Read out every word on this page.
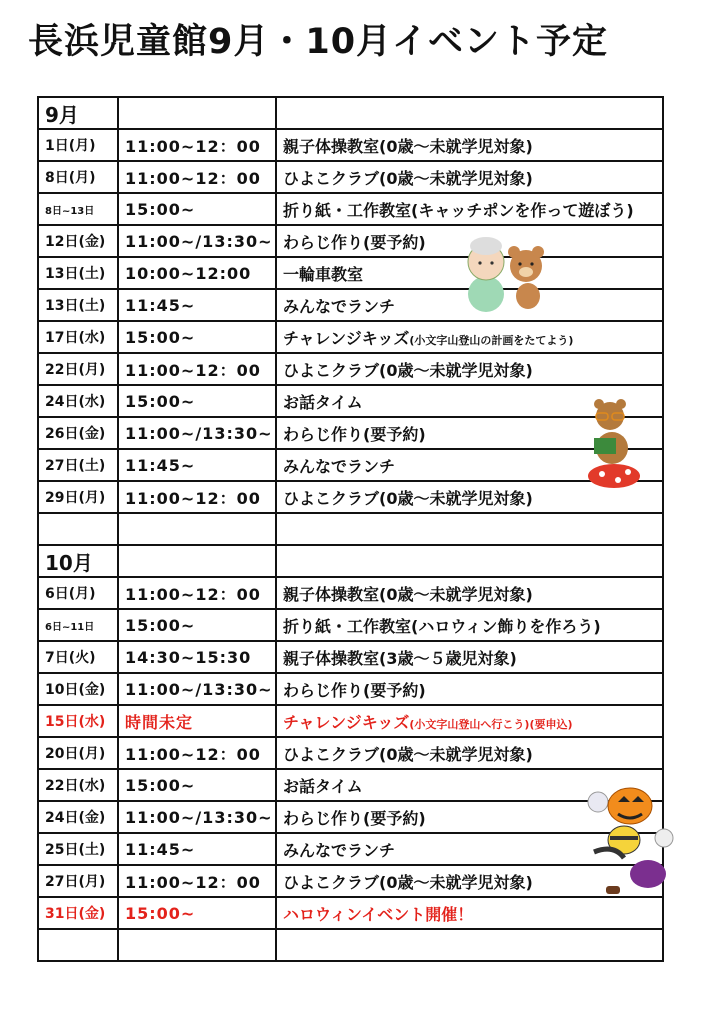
長浜児童館9月・10月イベント予定
9月		
1日(月)	11:00~12：00	親子体操教室(0歳～未就学児対象)
8日(月)	11:00~12：00	ひよこクラブ(0歳～未就学児対象)
8日~13日	15:00~	折り紙・工作教室(キャッチポンを作って遊ぼう)
12日(金)	11:00~/13:30~	わらじ作り(要予約)
13日(土)	10:00~12:00	一輪車教室
13日(土)	11:45~	みんなでランチ
17日(水)	15:00~	チャレンジキッズ(小文字山登山の計画をたてよう)
22日(月)	11:00~12：00	ひよこクラブ(0歳～未就学児対象)
24日(水)	15:00~	お話タイム
26日(金)	11:00~/13:30~	わらじ作り(要予約)
27日(土)	11:45~	みんなでランチ
29日(月)	11:00~12：00	ひよこクラブ(0歳～未就学児対象)

10月		
6日(月)	11:00~12：00	親子体操教室(0歳～未就学児対象)
6日~11日	15:00~	折り紙・工作教室(ハロウィン飾りを作ろう)
7日(火)	14:30~15:30	親子体操教室(3歳～５歳児対象)
10日(金)	11:00~/13:30~	わらじ作り(要予約)
15日(水)	時間未定	チャレンジキッズ(小文字山登山へ行こう)(要申込)
20日(月)	11:00~12：00	ひよこクラブ(0歳～未就学児対象)
22日(水)	15:00~	お話タイム
24日(金)	11:00~/13:30~	わらじ作り(要予約)
25日(土)	11:45~	みんなでランチ
27日(月)	11:00~12：00	ひよこクラブ(0歳～未就学児対象)
31日(金)	15:00~	ハロウィンイベント開催！
